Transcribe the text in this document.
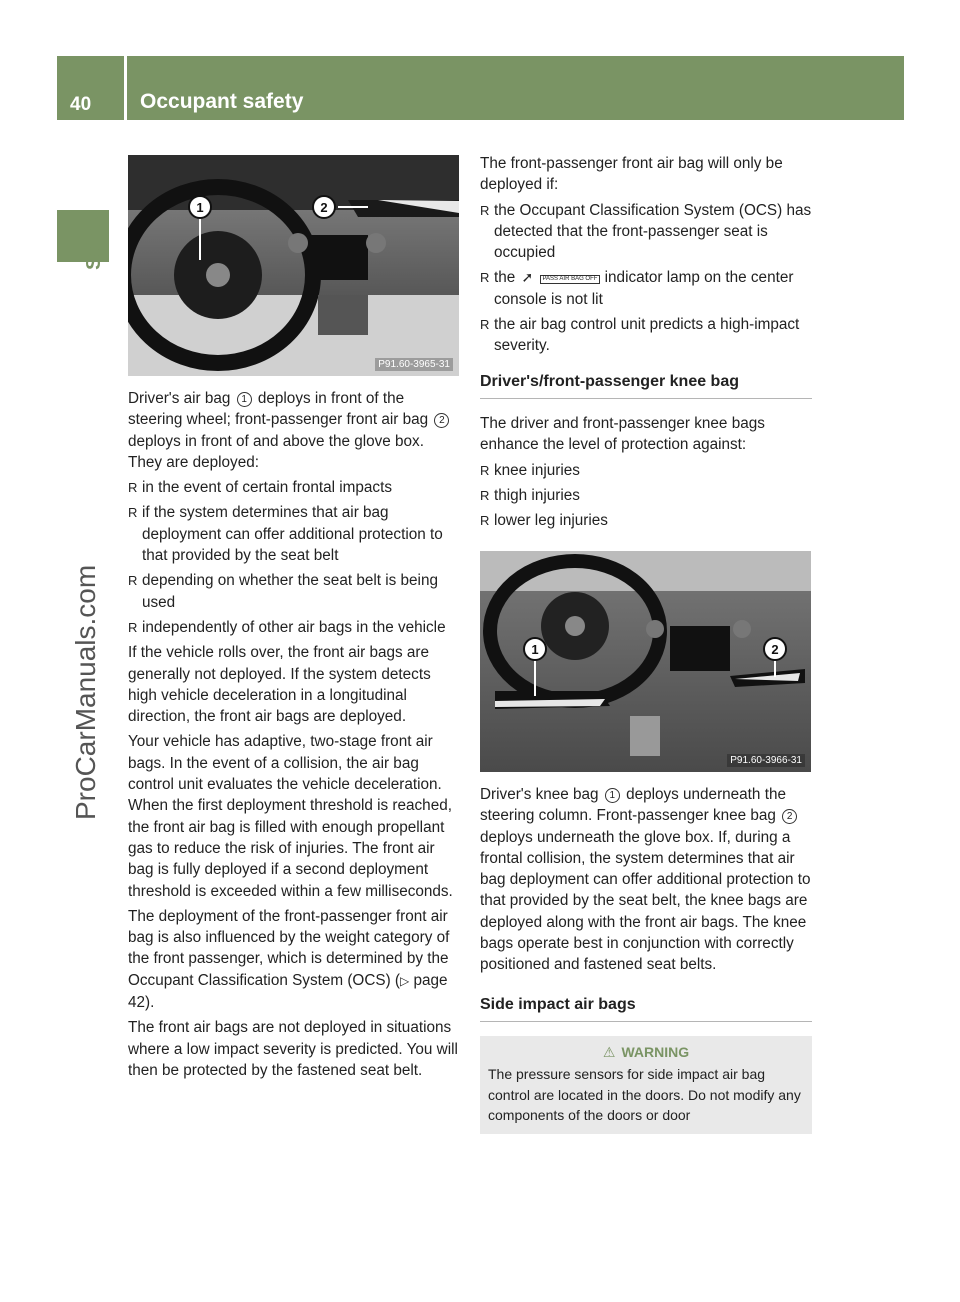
40 Occupant safety
Safety
ProCarManuals.com
1	2
P91.60-3965-31

Driver's air bag 1 deploys in front of the steering wheel; front-passenger front air bag 2 deploys in front of and above the glove box. They are deployed:

R in the event of certain frontal impacts
R if the system determines that air bag deployment can offer additional protection to that provided by the seat belt
R depending on whether the seat belt is being used
R independently of other air bags in the vehicle

If the vehicle rolls over, the front air bags are generally not deployed. If the system detects high vehicle deceleration in a longitudinal direction, the front air bags are deployed.

Your vehicle has adaptive, two-stage front air bags. In the event of a collision, the air bag control unit evaluates the vehicle deceleration. When the first deployment threshold is reached, the front air bag is filled with enough propellant gas to reduce the risk of injuries. The front air bag is fully deployed if a second deployment threshold is exceeded within a few milliseconds.

The deployment of the front-passenger front air bag is also influenced by the weight category of the front passenger, which is determined by the Occupant Classification System (OCS) (▷ page 42).

The front air bags are not deployed in situations where a low impact severity is predicted. You will then be protected by the fastened seat belt.

The front-passenger front air bag will only be deployed if:

R the Occupant Classification System (OCS) has detected that the front-passenger seat is occupied
R the ➚ PASS AIR BAG OFF indicator lamp on the center console is not lit
R the air bag control unit predicts a high-impact severity.
Driver's/front-passenger knee bag

The driver and front-passenger knee bags enhance the level of protection against:

R knee injuries
R thigh injuries
R lower leg injuries
1	2
P91.60-3966-31

Driver's knee bag 1 deploys underneath the steering column. Front-passenger knee bag 2 deploys underneath the glove box. If, during a frontal collision, the system determines that air bag deployment can offer additional protection to that provided by the seat belt, the knee bags are deployed along with the front air bags. The knee bags operate best in conjunction with correctly positioned and fastened seat belts.

Side impact air bags
⚠ WARNING
The pressure sensors for side impact air bag control are located in the doors. Do not modify any components of the doors or door
